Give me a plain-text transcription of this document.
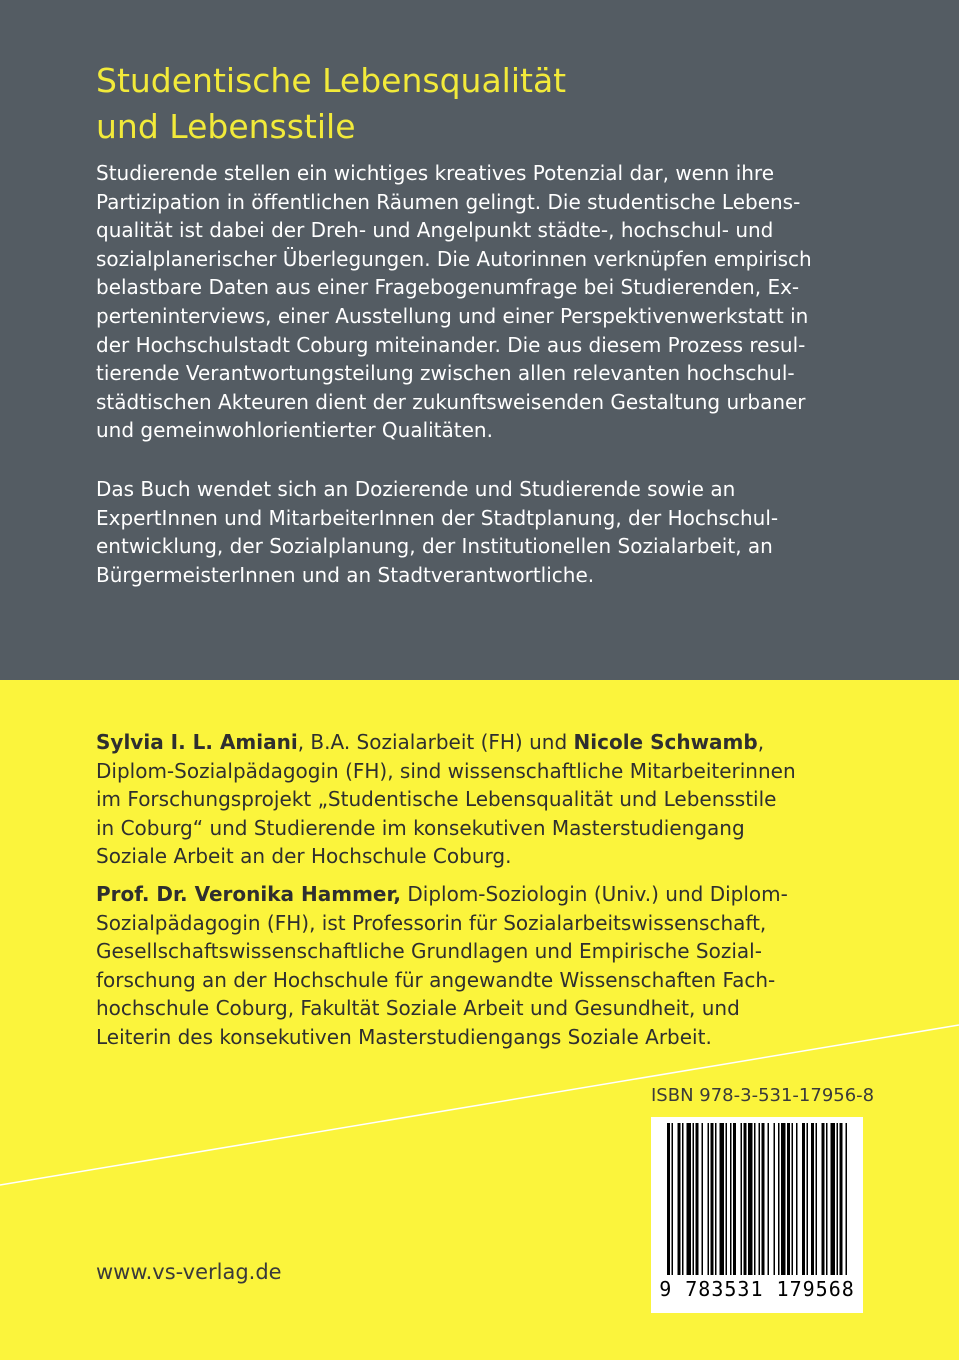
Studentische Lebensqualität
und Lebensstile
Studierende stellen ein wichtiges kreatives Potenzial dar, wenn ihre
Partizipation in öffentlichen Räumen gelingt. Die studentische Lebens-
qualität ist dabei der Dreh- und Angelpunkt städte-, hochschul- und
sozialplanerischer Überlegungen. Die Autorinnen verknüpfen empirisch
belastbare Daten aus einer Fragebogenumfrage bei Studierenden, Ex-
perteninterviews, einer Ausstellung und einer Perspektivenwerkstatt in
der Hochschulstadt Coburg miteinander. Die aus diesem Prozess resul-
tierende Verantwortungsteilung zwischen allen relevanten hochschul-
städtischen Akteuren dient der zukunftsweisenden Gestaltung urbaner
und gemeinwohlorientierter Qualitäten.
Das Buch wendet sich an Dozierende und Studierende sowie an
ExpertInnen und MitarbeiterInnen der Stadtplanung, der Hochschul-
entwicklung, der Sozialplanung, der Institutionellen Sozialarbeit, an
BürgermeisterInnen und an Stadtverantwortliche.
Sylvia I. L. Amiani, B.A. Sozialarbeit (FH) und Nicole Schwamb,
Diplom-Sozialpädagogin (FH), sind wissenschaftliche Mitarbeiterinnen
im Forschungsprojekt „Studentische Lebensqualität und Lebensstile
in Coburg“ und Studierende im konsekutiven Masterstudiengang
Soziale Arbeit an der Hochschule Coburg.
Prof. Dr. Veronika Hammer, Diplom-Soziologin (Univ.) und Diplom-
Sozialpädagogin (FH), ist Professorin für Sozialarbeitswissenschaft,
Gesellschaftswissenschaftliche Grundlagen und Empirische Sozial-
forschung an der Hochschule für angewandte Wissenschaften Fach-
hochschule Coburg, Fakultät Soziale Arbeit und Gesundheit, und
Leiterin des konsekutiven Masterstudiengangs Soziale Arbeit.
ISBN 978-3-531-17956-8
9 783531 179568
www.vs-verlag.de
